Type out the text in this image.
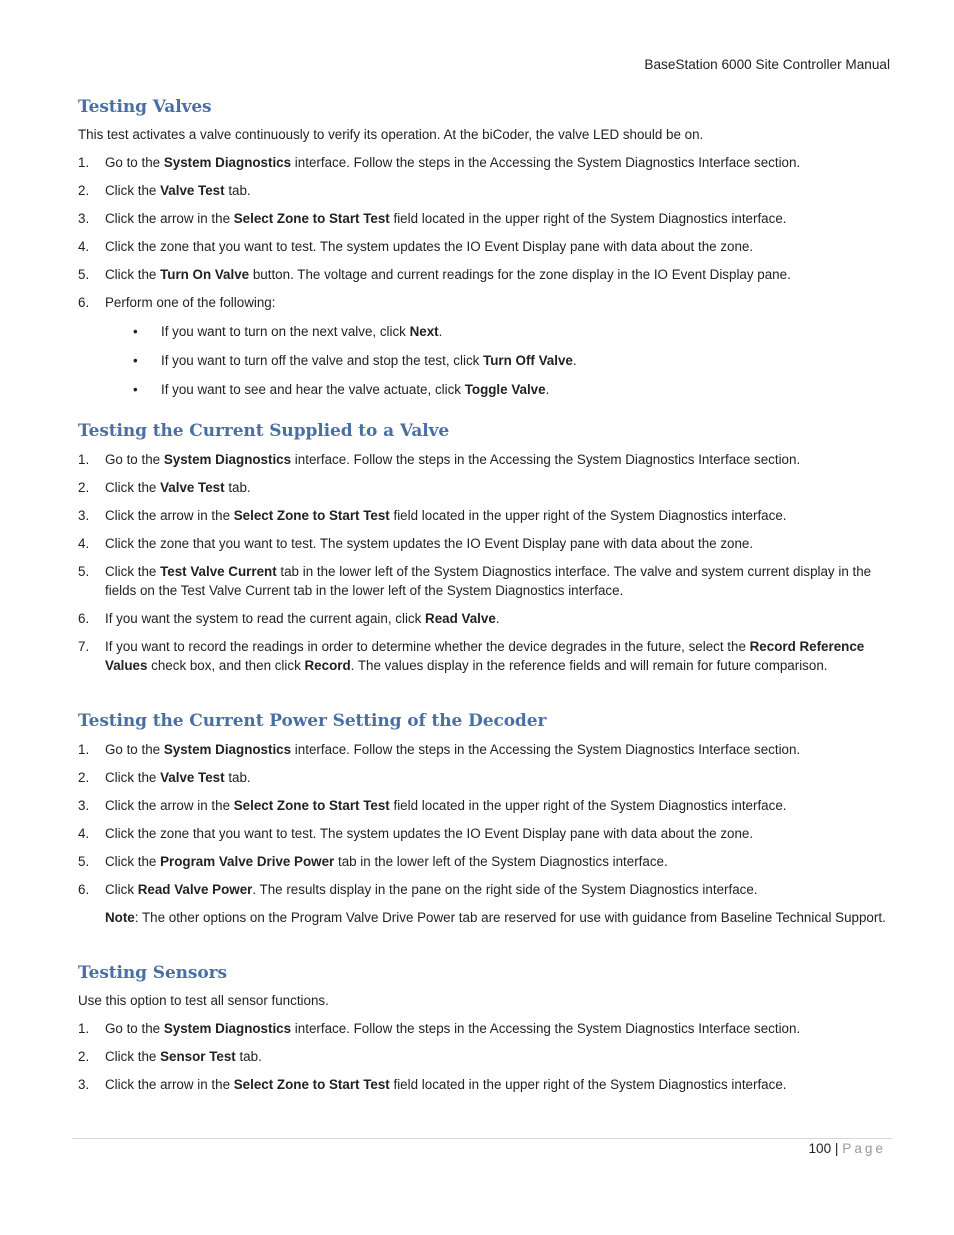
BaseStation 6000 Site Controller Manual
Testing Valves

This test activates a valve continuously to verify its operation. At the biCoder, the valve LED should be on.

1. Go to the System Diagnostics interface. Follow the steps in the Accessing the System Diagnostics Interface section.
2. Click the Valve Test tab.
3. Click the arrow in the Select Zone to Start Test field located in the upper right of the System Diagnostics interface.
4. Click the zone that you want to test. The system updates the IO Event Display pane with data about the zone.
5. Click the Turn On Valve button. The voltage and current readings for the zone display in the IO Event Display pane.
6. Perform one of the following:
• If you want to turn on the next valve, click Next.
• If you want to turn off the valve and stop the test, click Turn Off Valve.
• If you want to see and hear the valve actuate, click Toggle Valve.
Testing the Current Supplied to a Valve
1. Go to the System Diagnostics interface. Follow the steps in the Accessing the System Diagnostics Interface section.
2. Click the Valve Test tab.
3. Click the arrow in the Select Zone to Start Test field located in the upper right of the System Diagnostics interface.
4. Click the zone that you want to test. The system updates the IO Event Display pane with data about the zone.
5. Click the Test Valve Current tab in the lower left of the System Diagnostics interface. The valve and system current display in the fields on the Test Valve Current tab in the lower left of the System Diagnostics interface.
6. If you want the system to read the current again, click Read Valve.
7. If you want to record the readings in order to determine whether the device degrades in the future, select the Record Reference Values check box, and then click Record. The values display in the reference fields and will remain for future comparison.
Testing the Current Power Setting of the Decoder
1. Go to the System Diagnostics interface. Follow the steps in the Accessing the System Diagnostics Interface section.
2. Click the Valve Test tab.
3. Click the arrow in the Select Zone to Start Test field located in the upper right of the System Diagnostics interface.
4. Click the zone that you want to test. The system updates the IO Event Display pane with data about the zone.
5. Click the Program Valve Drive Power tab in the lower left of the System Diagnostics interface.
6. Click Read Valve Power. The results display in the pane on the right side of the System Diagnostics interface.

Note: The other options on the Program Valve Drive Power tab are reserved for use with guidance from Baseline Technical Support.

Testing Sensors

Use this option to test all sensor functions.

1. Go to the System Diagnostics interface. Follow the steps in the Accessing the System Diagnostics Interface section.
2. Click the Sensor Test tab.
3. Click the arrow in the Select Zone to Start Test field located in the upper right of the System Diagnostics interface.
100 | Page
